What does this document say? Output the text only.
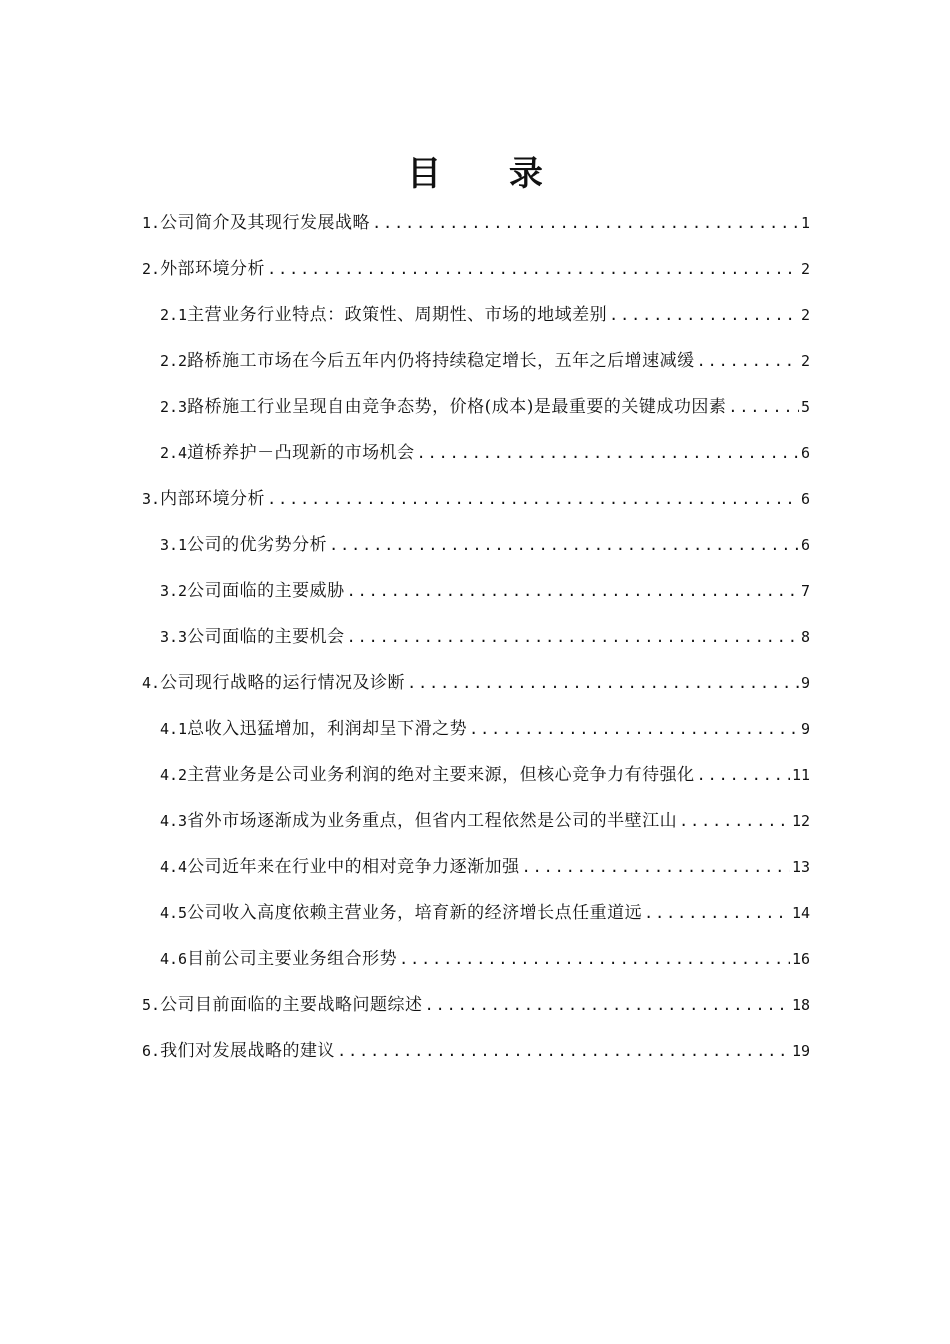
目 录
1. 公司简介及其现行发展战略 .....	1
2. 外部环境分析 .....	2
2.1 主营业务行业特点：政策性、周期性、市场的地域差别 .....	2
2.2 路桥施工市场在今后五年内仍将持续稳定增长，五年之后增速减缓 .....	2
2.3 路桥施工行业呈现自由竞争态势，价格(成本)是最重要的关键成功因素 .....	5
2.4 道桥养护－凸现新的市场机会 .....	6
3. 内部环境分析 .....	6
3.1 公司的优劣势分析 .....	6
3.2 公司面临的主要威胁 .....	7
3.3 公司面临的主要机会 .....	8
4. 公司现行战略的运行情况及诊断 .....	9
4.1 总收入迅猛增加，利润却呈下滑之势 .....	9
4.2 主营业务是公司业务利润的绝对主要来源，但核心竞争力有待强化 .....	11
4.3 省外市场逐渐成为业务重点，但省内工程依然是公司的半壁江山 .....	12
4.4 公司近年来在行业中的相对竞争力逐渐加强 .....	13
4.5 公司收入高度依赖主营业务，培育新的经济增长点任重道远 .....	14
4.6 目前公司主要业务组合形势 .....	16
5. 公司目前面临的主要战略问题综述 .....	18
6. 我们对发展战略的建议 .....	19
